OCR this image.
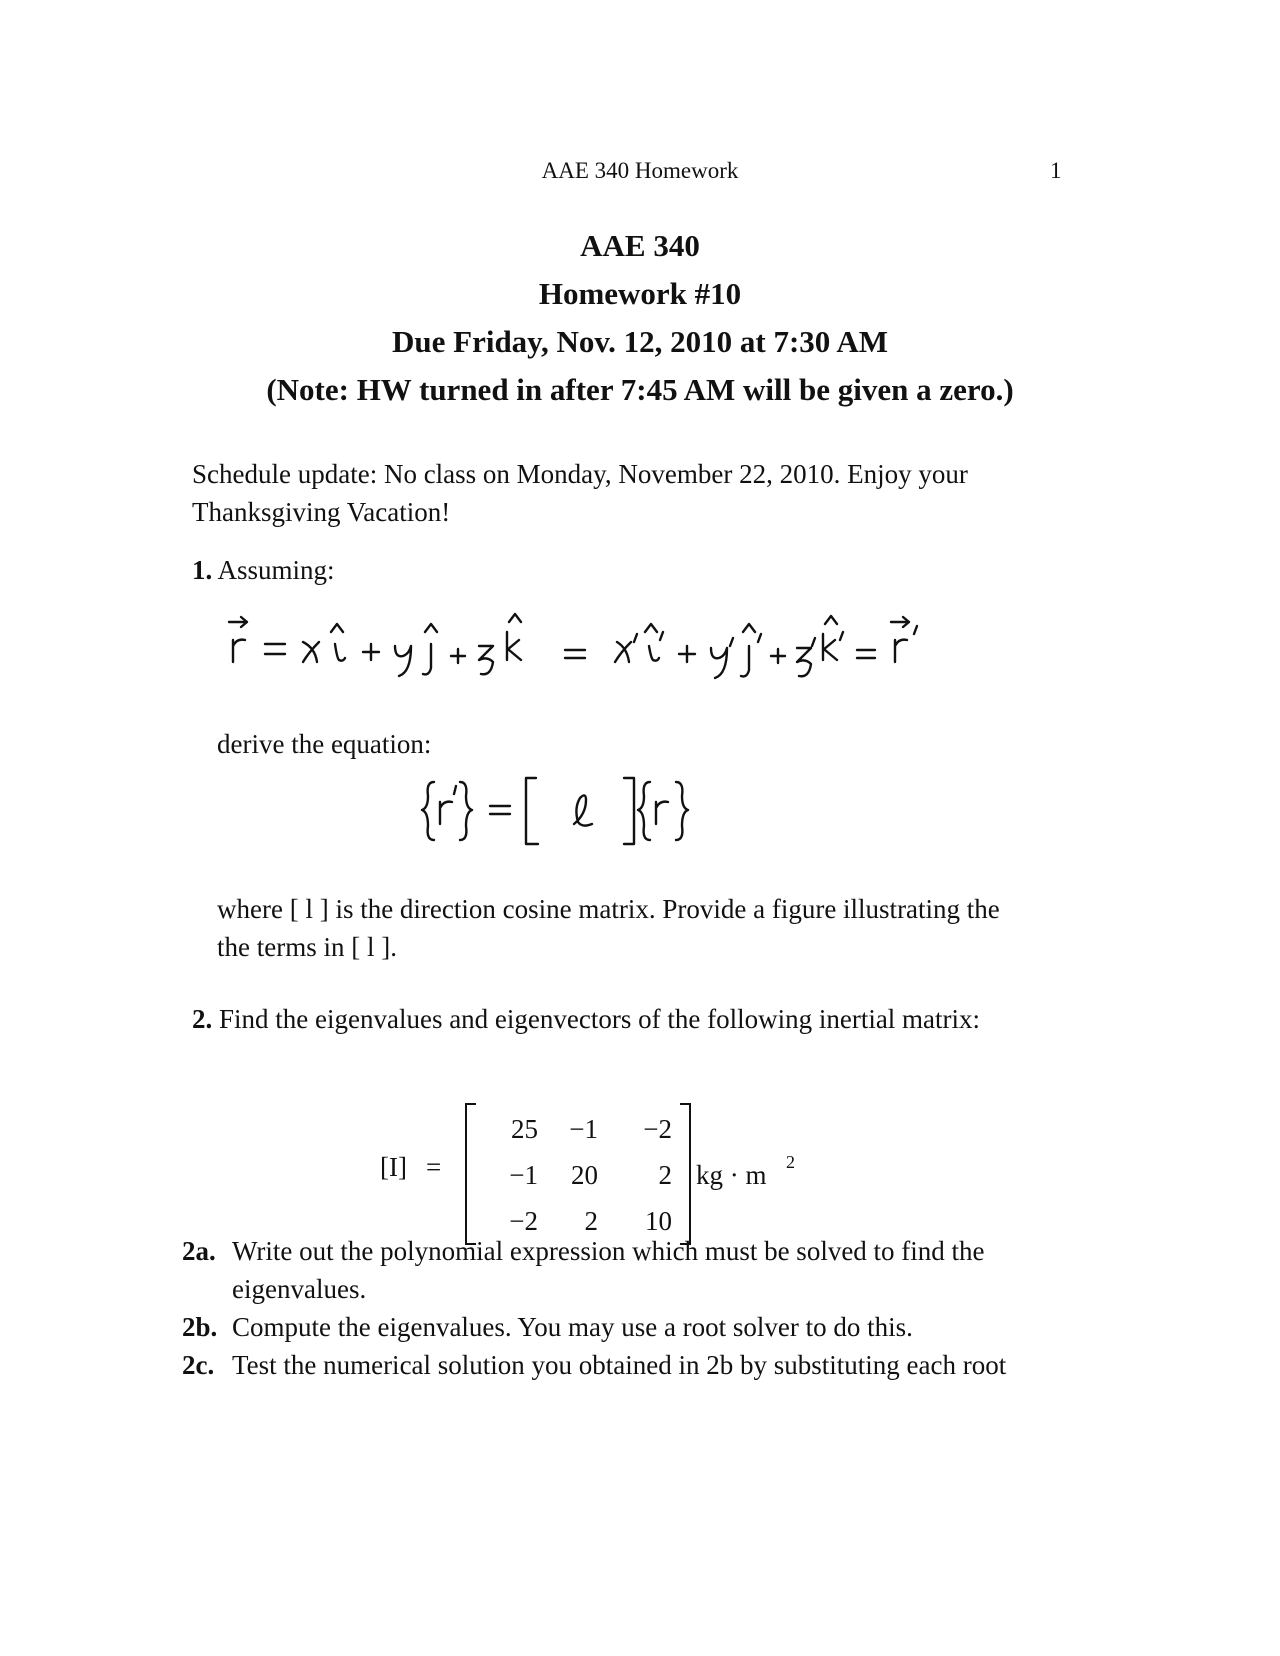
AAE 340 Homework	1
AAE 340
Homework #10
Due Friday, Nov. 12, 2010 at 7:30 AM
(Note: HW turned in after 7:45 AM will be given a zero.)
Schedule update: No class on Monday, November 22, 2010. Enjoy your
Thanksgiving Vacation!
1. Assuming:
derive the equation:
where [ l ] is the direction cosine matrix. Provide a figure illustrating the
the terms in [ l ].
2. Find the eigenvalues and eigenvectors of the following inertial matrix:
[I] =
25 −1 −2
−1 20 2
−2 2 10
kg · m 2
2a. Write out the polynomial expression which must be solved to find the
eigenvalues.
2b. Compute the eigenvalues. You may use a root solver to do this.
2c. Test the numerical solution you obtained in 2b by substituting each root
